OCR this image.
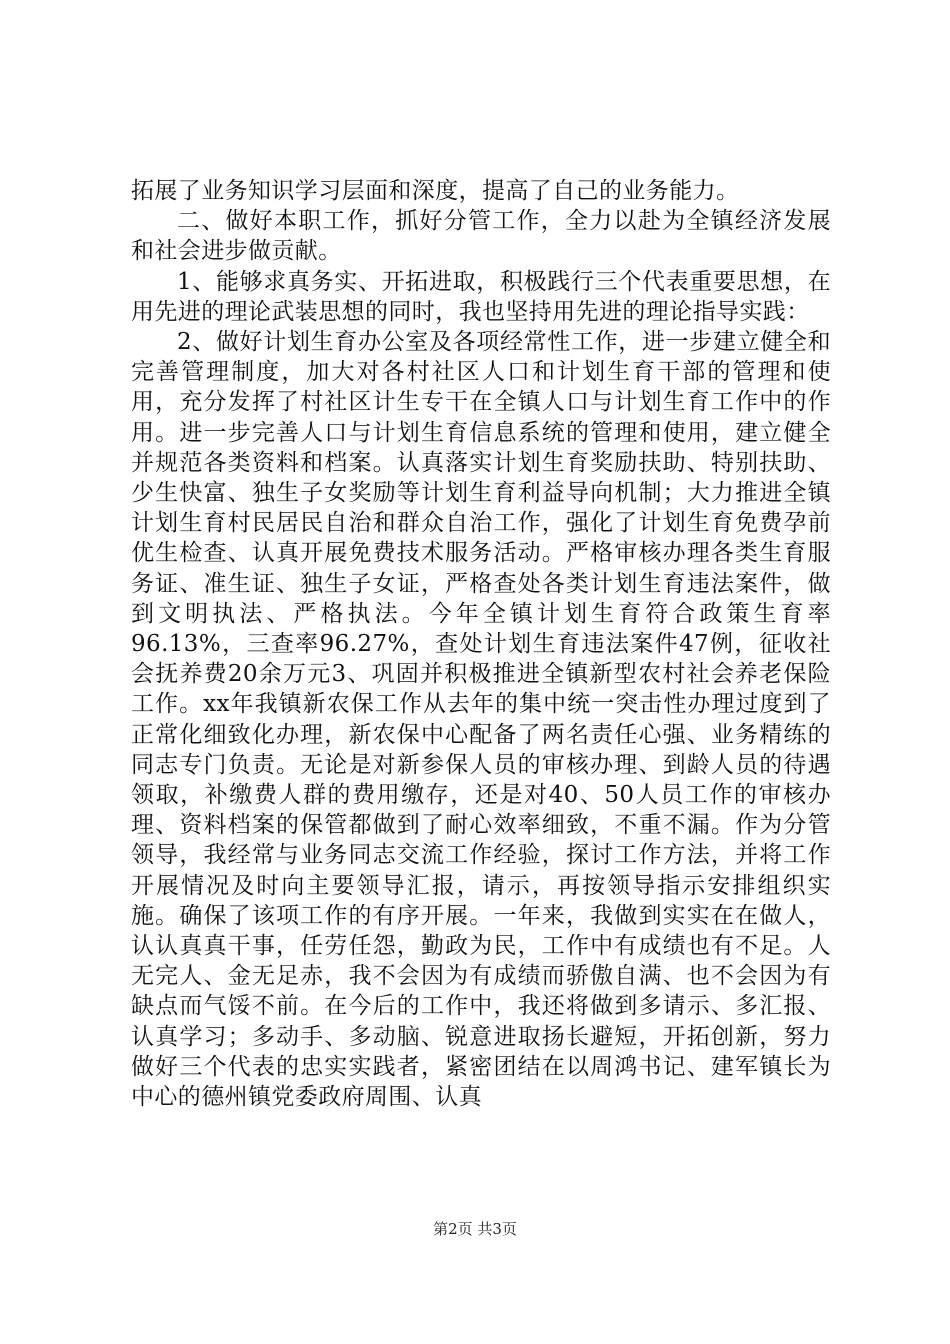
拓展了业务知识学习层面和深度，提高了自己的业务能力。

二、做好本职工作，抓好分管工作，全力以赴为全镇经济发展和社会进步做贡献。

1、能够求真务实、开拓进取，积极践行三个代表重要思想，在用先进的理论武装思想的同时，我也坚持用先进的理论指导实践：

2、做好计划生育办公室及各项经常性工作，进一步建立健全和完善管理制度，加大对各村社区人口和计划生育干部的管理和使用，充分发挥了村社区计生专干在全镇人口与计划生育工作中的作用。进一步完善人口与计划生育信息系统的管理和使用，建立健全并规范各类资料和档案。认真落实计划生育奖励扶助、特别扶助、少生快富、独生子女奖励等计划生育利益导向机制；大力推进全镇计划生育村民居民自治和群众自治工作，强化了计划生育免费孕前优生检查、认真开展免费技术服务活动。严格审核办理各类生育服务证、准生证、独生子女证，严格查处各类计划生育违法案件，做到文明执法、严格执法。今年全镇计划生育符合政策生育率96.13%，三查率96.27%，查处计划生育违法案件47例，征收社会抚养费20余万元3、巩固并积极推进全镇新型农村社会养老保险工作。xx年我镇新农保工作从去年的集中统一突击性办理过度到了正常化细致化办理，新农保中心配备了两名责任心强、业务精练的同志专门负责。无论是对新参保人员的审核办理、到龄人员的待遇领取，补缴费人群的费用缴存，还是对40、50人员工作的审核办理、资料档案的保管都做到了耐心效率细致，不重不漏。作为分管领导，我经常与业务同志交流工作经验，探讨工作方法，并将工作开展情况及时向主要领导汇报，请示，再按领导指示安排组织实施。确保了该项工作的有序开展。一年来，我做到实实在在做人，认认真真干事，任劳任怨，勤政为民，工作中有成绩也有不足。人无完人、金无足赤，我不会因为有成绩而骄傲自满、也不会因为有缺点而气馁不前。在今后的工作中，我还将做到多请示、多汇报、认真学习；多动手、多动脑、锐意进取扬长避短，开拓创新，努力做好三个代表的忠实实践者，紧密团结在以周鸿书记、建军镇长为中心的德州镇党委政府周围、认真

第2页 共3页
